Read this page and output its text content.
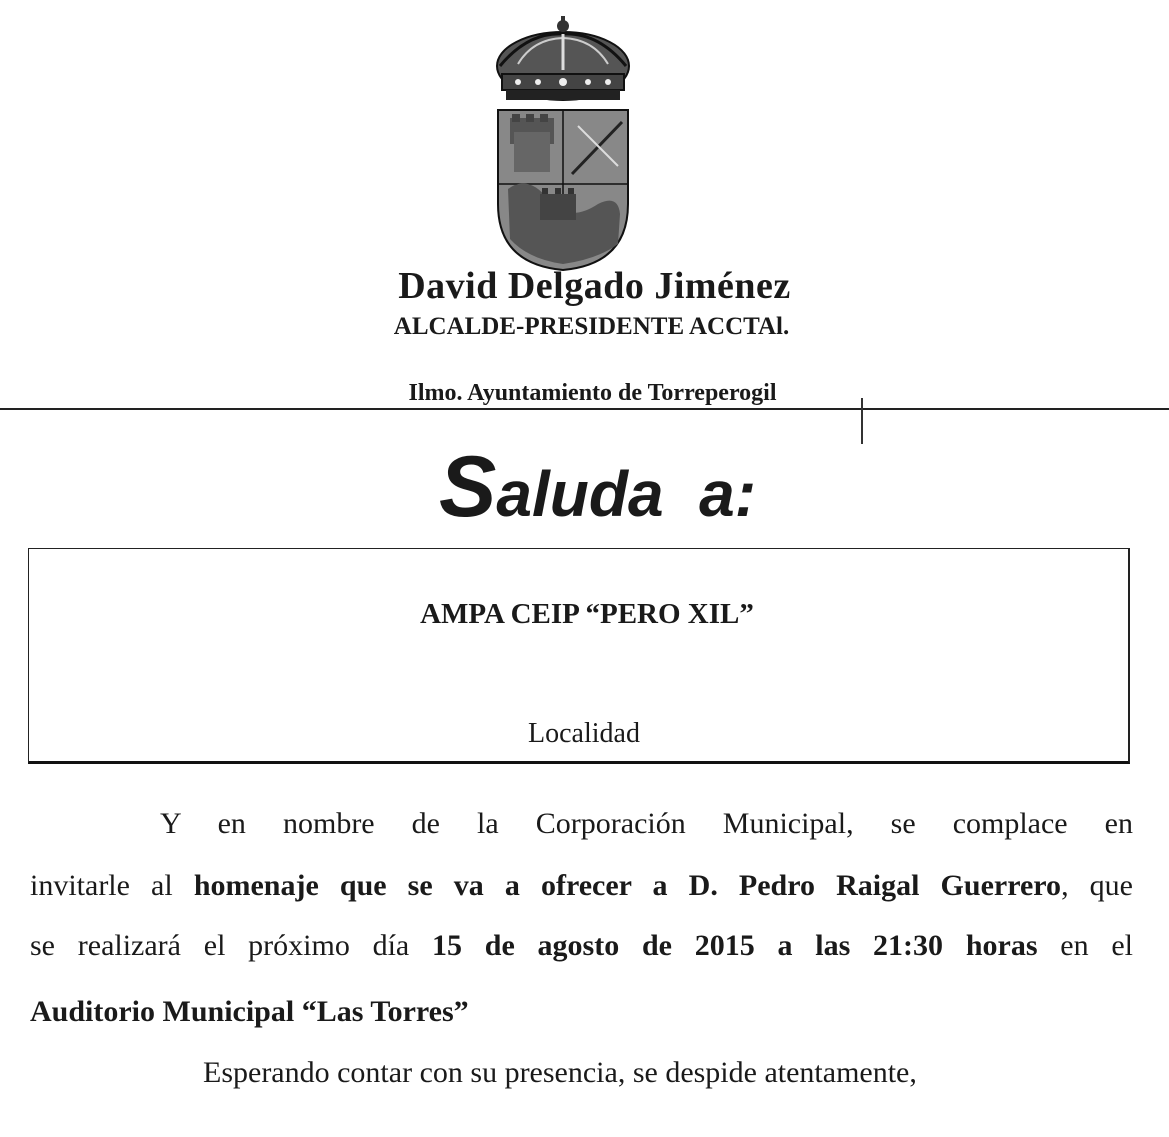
David Delgado Jiménez
ALCALDE-PRESIDENTE ACCTAl.
Ilmo. Ayuntamiento de Torreperogil
Saluda  a:
AMPA CEIP “PERO XIL”
Localidad
Y en nombre de la Corporación Municipal, se complace en
invitarle al homenaje que se va a ofrecer a D. Pedro Raigal Guerrero, que
se realizará el próximo día 15 de agosto de 2015 a las 21:30 horas en el
Auditorio Municipal “Las Torres”
Esperando contar con su presencia, se despide atentamente,
